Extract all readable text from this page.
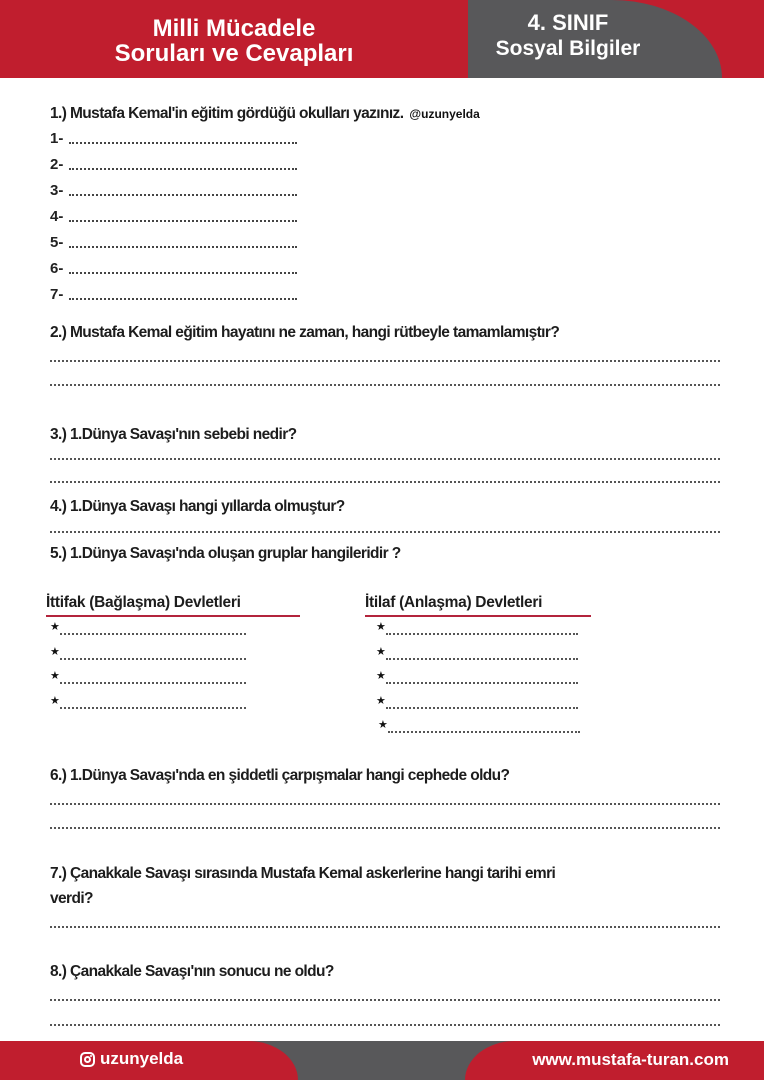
Milli Mücadele
Soruları ve Cevapları
4. SINIF
Sosyal Bilgiler
1.) Mustafa Kemal'in eğitim gördüğü okulları yazınız. @uzunyelda
1-
2-
3-
4-
5-
6-
7-
2.) Mustafa Kemal eğitim hayatını ne zaman, hangi rütbeyle tamamlamıştır?
3.) 1.Dünya Savaşı'nın sebebi nedir?
4.) 1.Dünya Savaşı hangi yıllarda olmuştur?
5.) 1.Dünya Savaşı'nda oluşan gruplar hangileridir ?
İttifak (Bağlaşma) Devletleri	İtilaf (Anlaşma) Devletleri
★
★
★
★
★
★
★
★
★
6.) 1.Dünya Savaşı'nda en şiddetli çarpışmalar hangi cephede oldu?
7.) Çanakkale Savaşı sırasında Mustafa Kemal askerlerine hangi tarihi emri
verdi?
8.) Çanakkale Savaşı'nın sonucu ne oldu?
uzunyelda	www.mustafa-turan.com
